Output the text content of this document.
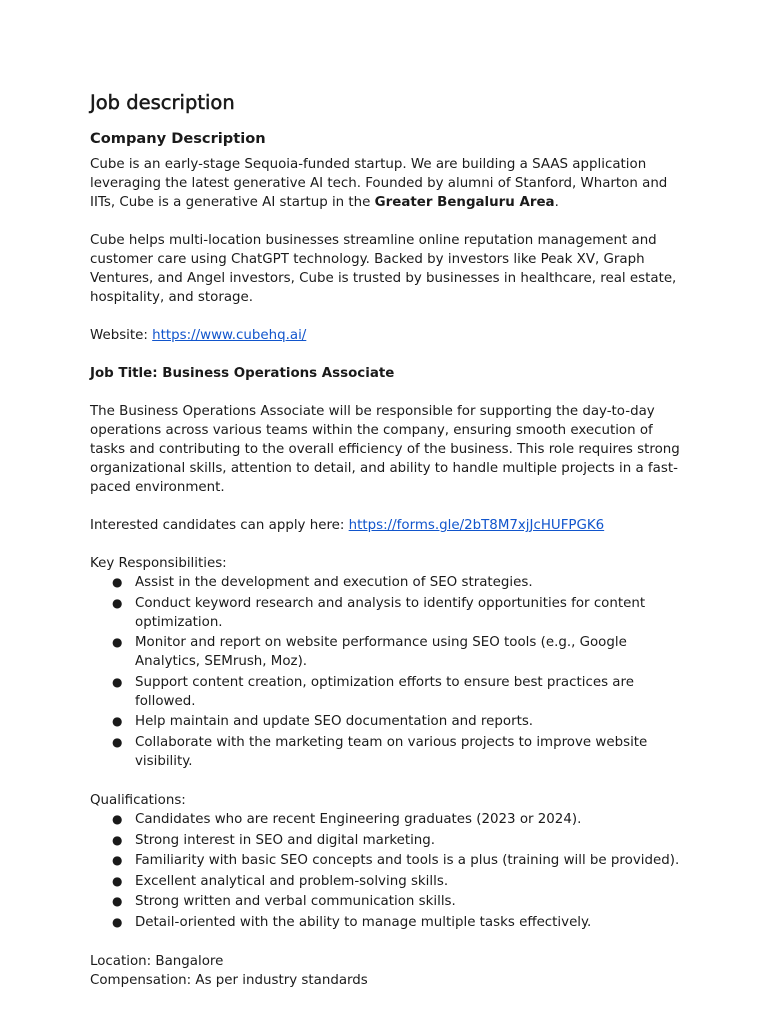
Job description
Company Description

Cube is an early-stage Sequoia-funded startup. We are building a SAAS application leveraging the latest generative AI tech. Founded by alumni of Stanford, Wharton and IITs, Cube is a generative AI startup in the Greater Bengaluru Area.

Cube helps multi-location businesses streamline online reputation management and customer care using ChatGPT technology. Backed by investors like Peak XV, Graph Ventures, and Angel investors, Cube is trusted by businesses in healthcare, real estate, hospitality, and storage.

Website: https://www.cubehq.ai/

Job Title: Business Operations Associate

The Business Operations Associate will be responsible for supporting the day-to-day operations across various teams within the company, ensuring smooth execution of tasks and contributing to the overall efficiency of the business. This role requires strong organizational skills, attention to detail, and ability to handle multiple projects in a fast-paced environment.

Interested candidates can apply here: https://forms.gle/2bT8M7xjJcHUFPGK6

Key Responsibilities:

● Assist in the development and execution of SEO strategies.
● Conduct keyword research and analysis to identify opportunities for content optimization.
● Monitor and report on website performance using SEO tools (e.g., Google Analytics, SEMrush, Moz).
● Support content creation, optimization efforts to ensure best practices are followed.
● Help maintain and update SEO documentation and reports.
● Collaborate with the marketing team on various projects to improve website visibility.

Qualifications:

● Candidates who are recent Engineering graduates (2023 or 2024).
● Strong interest in SEO and digital marketing.
● Familiarity with basic SEO concepts and tools is a plus (training will be provided).
● Excellent analytical and problem-solving skills.
● Strong written and verbal communication skills.
● Detail-oriented with the ability to manage multiple tasks effectively.

Location: Bangalore

Compensation: As per industry standards
